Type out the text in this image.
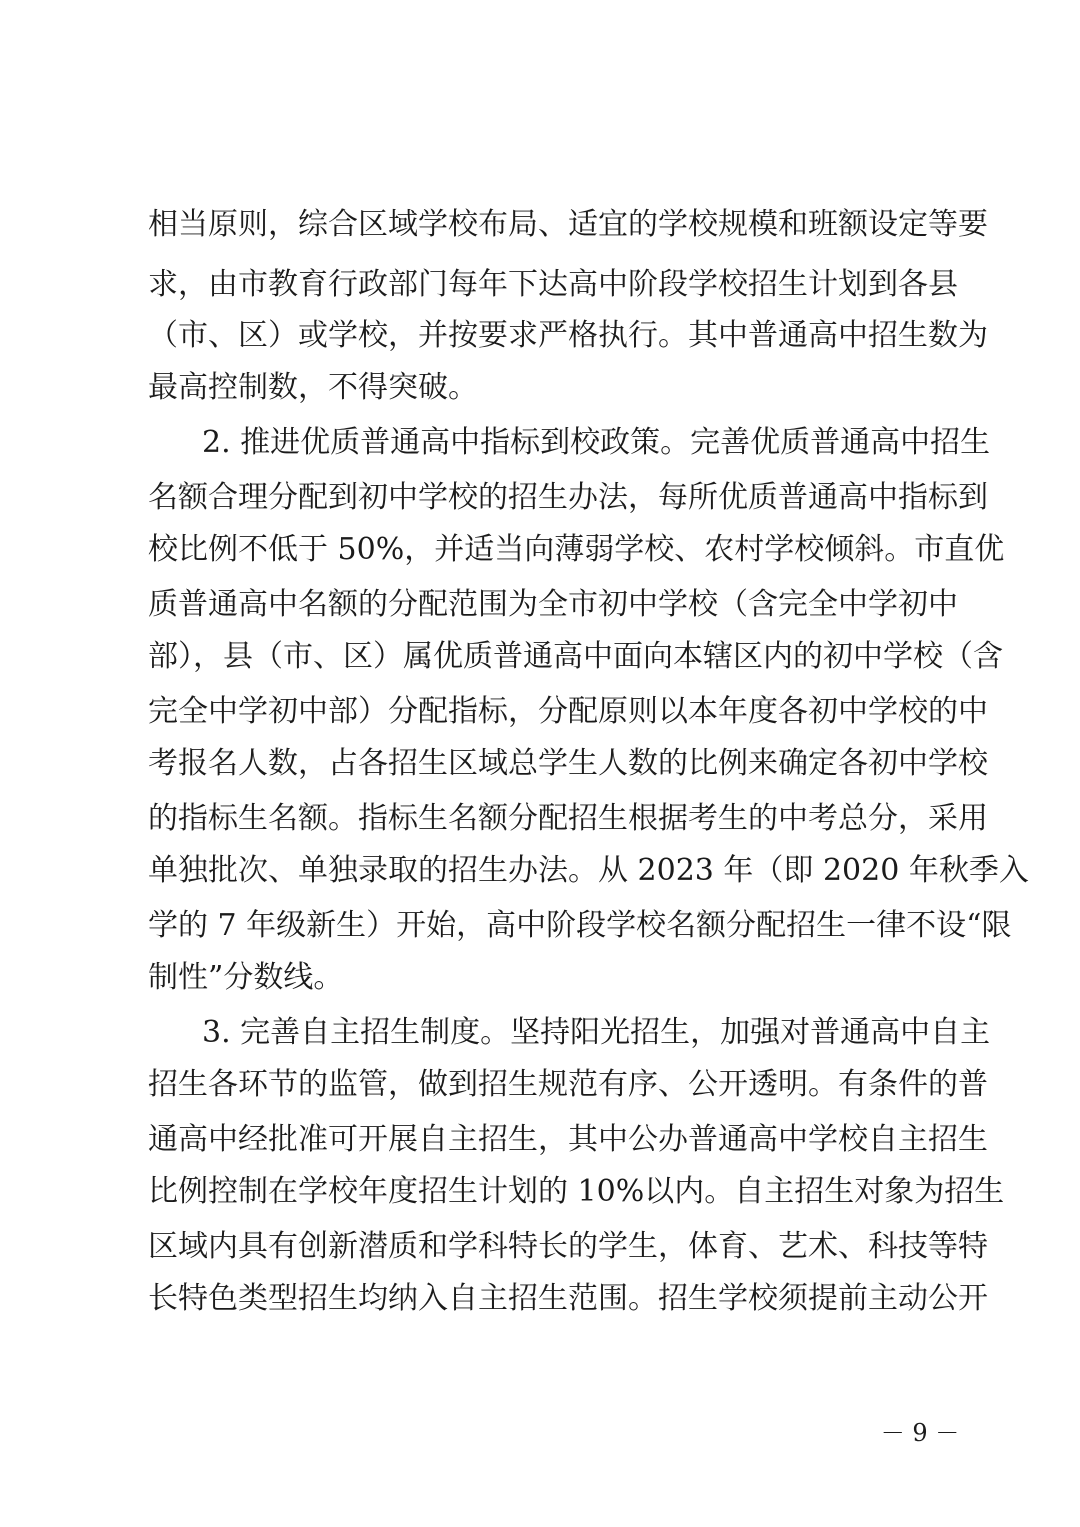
相当原则，综合区域学校布局、适宜的学校规模和班额设定等要
求，由市教育行政部门每年下达高中阶段学校招生计划到各县
（市、区）或学校，并按要求严格执行。其中普通高中招生数为
最高控制数，不得突破。
2. 推进优质普通高中指标到校政策。完善优质普通高中招生
名额合理分配到初中学校的招生办法，每所优质普通高中指标到
校比例不低于 50%，并适当向薄弱学校、农村学校倾斜。市直优
质普通高中名额的分配范围为全市初中学校（含完全中学初中
部），县（市、区）属优质普通高中面向本辖区内的初中学校（含
完全中学初中部）分配指标，分配原则以本年度各初中学校的中
考报名人数，占各招生区域总学生人数的比例来确定各初中学校
的指标生名额。指标生名额分配招生根据考生的中考总分，采用
单独批次、单独录取的招生办法。从 2023 年（即 2020 年秋季入
学的 7 年级新生）开始，高中阶段学校名额分配招生一律不设“限
制性”分数线。
3. 完善自主招生制度。坚持阳光招生，加强对普通高中自主
招生各环节的监管，做到招生规范有序、公开透明。有条件的普
通高中经批准可开展自主招生，其中公办普通高中学校自主招生
比例控制在学校年度招生计划的 10%以内。自主招生对象为招生
区域内具有创新潜质和学科特长的学生，体育、艺术、科技等特
长特色类型招生均纳入自主招生范围。招生学校须提前主动公开
－ 9 －
